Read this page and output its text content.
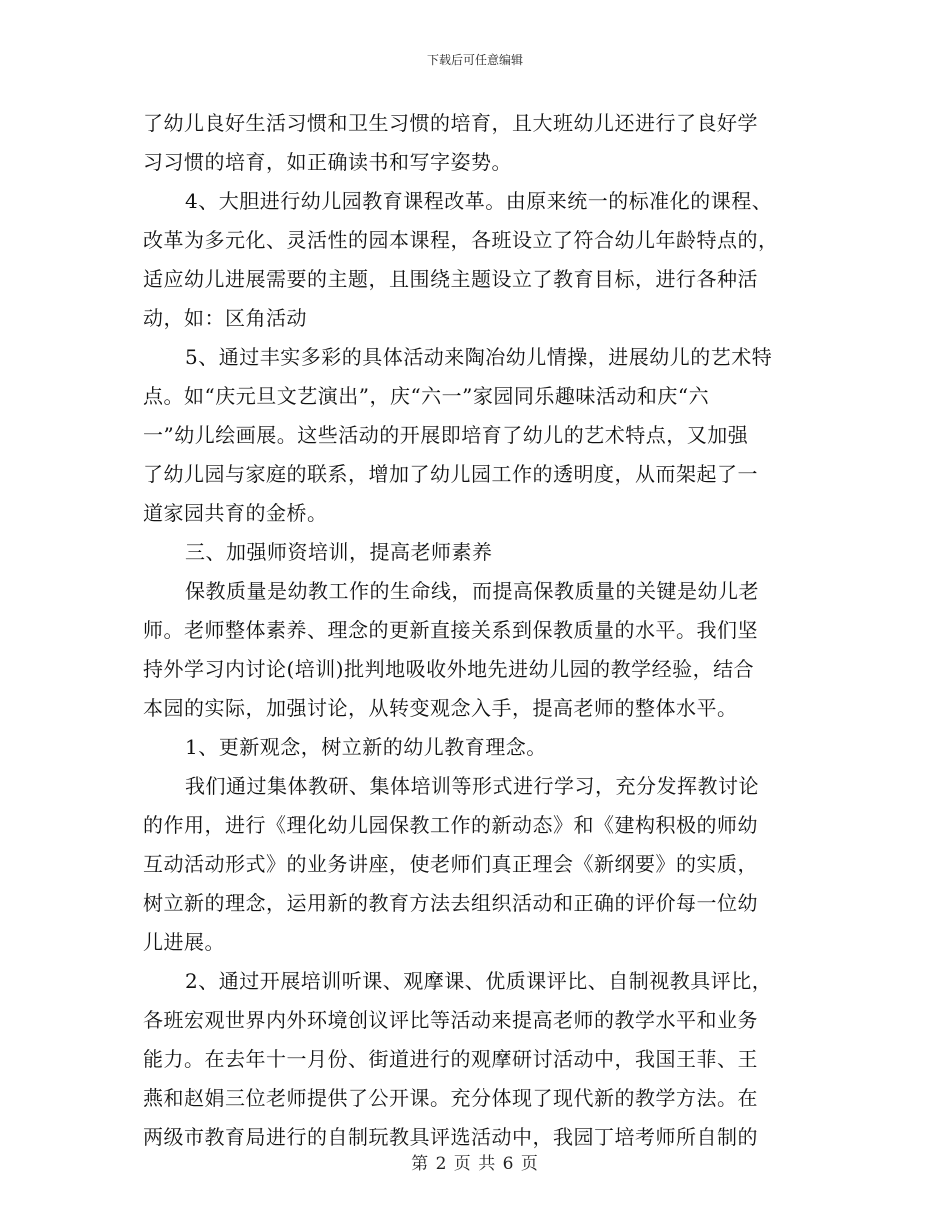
下载后可任意编辑
了幼儿良好生活习惯和卫生习惯的培育，且大班幼儿还进行了良好学
习习惯的培育，如正确读书和写字姿势。
4、大胆进行幼儿园教育课程改革。由原来统一的标准化的课程、
改革为多元化、灵活性的园本课程，各班设立了符合幼儿年龄特点的，
适应幼儿进展需要的主题，且围绕主题设立了教育目标，进行各种活
动，如：区角活动
5、通过丰实多彩的具体活动来陶冶幼儿情操，进展幼儿的艺术特
点。如“庆元旦文艺演出”，庆“六一”家园同乐趣味活动和庆“六
一”幼儿绘画展。这些活动的开展即培育了幼儿的艺术特点，又加强
了幼儿园与家庭的联系，增加了幼儿园工作的透明度，从而架起了一
道家园共育的金桥。
三、加强师资培训，提高老师素养
保教质量是幼教工作的生命线，而提高保教质量的关键是幼儿老
师。老师整体素养、理念的更新直接关系到保教质量的水平。我们坚
持外学习内讨论(培训)批判地吸收外地先进幼儿园的教学经验，结合
本园的实际，加强讨论，从转变观念入手，提高老师的整体水平。
1、更新观念，树立新的幼儿教育理念。
我们通过集体教研、集体培训等形式进行学习，充分发挥教讨论
的作用，进行《理化幼儿园保教工作的新动态》和《建构积极的师幼
互动活动形式》的业务讲座，使老师们真正理会《新纲要》的实质，
树立新的理念，运用新的教育方法去组织活动和正确的评价每一位幼
儿进展。
2、通过开展培训听课、观摩课、优质课评比、自制视教具评比，
各班宏观世界内外环境创议评比等活动来提高老师的教学水平和业务
能力。在去年十一月份、街道进行的观摩研讨活动中，我国王菲、王
燕和赵娟三位老师提供了公开课。充分体现了现代新的教学方法。在
两级市教育局进行的自制玩教具评选活动中，我园丁培考师所自制的
第 2 页 共 6 页
